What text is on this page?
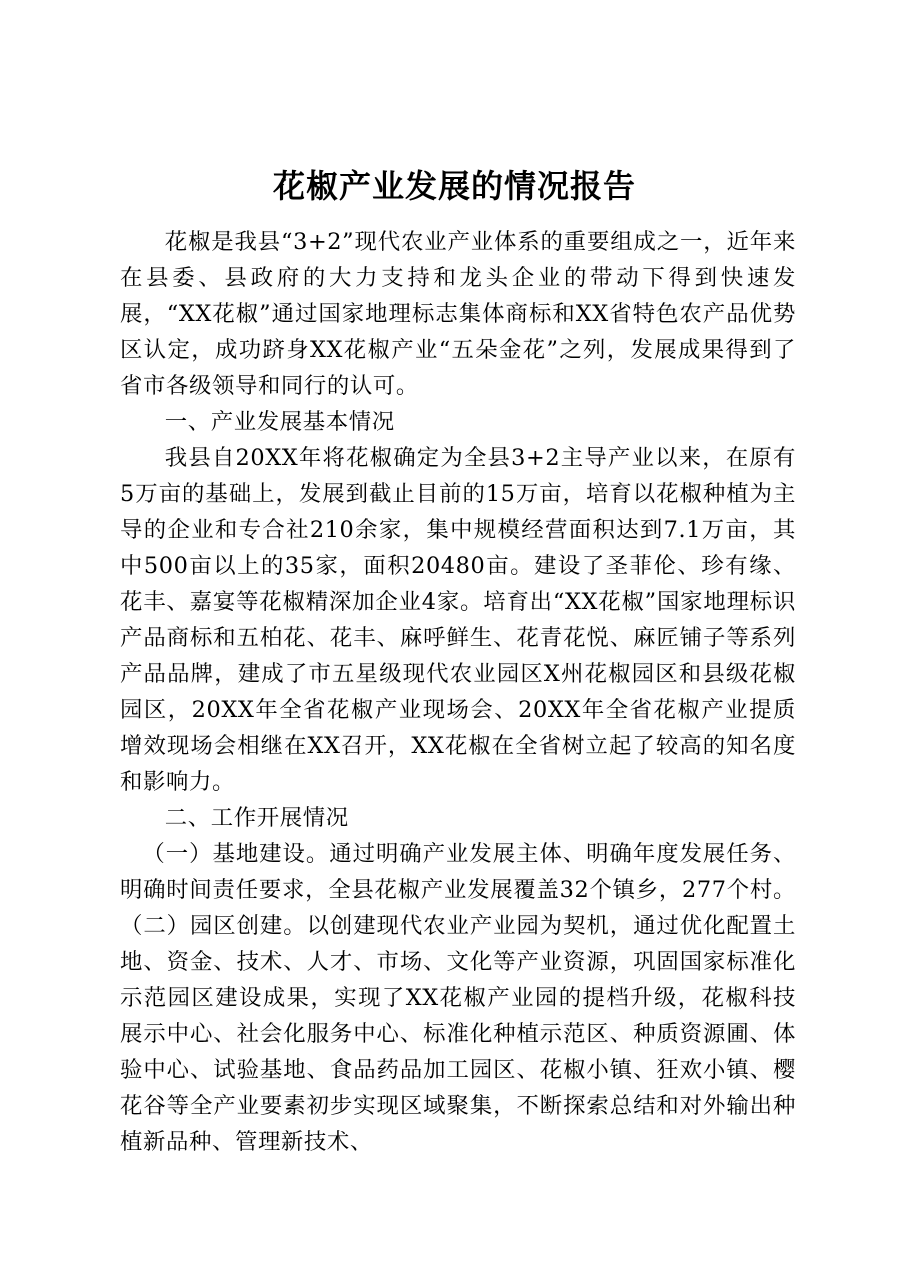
花椒产业发展的情况报告

花椒是我县“3+2”现代农业产业体系的重要组成之一，近年来在县委、县政府的大力支持和龙头企业的带动下得到快速发展，“XX花椒”通过国家地理标志集体商标和XX省特色农产品优势区认定，成功跻身XX花椒产业“五朵金花”之列，发展成果得到了省市各级领导和同行的认可。

一、产业发展基本情况

我县自20XX年将花椒确定为全县3+2主导产业以来，在原有5万亩的基础上，发展到截止目前的15万亩，培育以花椒种植为主导的企业和专合社210余家，集中规模经营面积达到7.1万亩，其中500亩以上的35家，面积20480亩。建设了圣菲伦、珍有缘、花丰、嘉宴等花椒精深加企业4家。培育出“XX花椒”国家地理标识产品商标和五柏花、花丰、麻呼鲜生、花青花悦、麻匠铺子等系列产品品牌，建成了市五星级现代农业园区X州花椒园区和县级花椒园区，20XX年全省花椒产业现场会、20XX年全省花椒产业提质增效现场会相继在XX召开，XX花椒在全省树立起了较高的知名度和影响力。

二、工作开展情况

（一）基地建设。通过明确产业发展主体、明确年度发展任务、明确时间责任要求，全县花椒产业发展覆盖32个镇乡，277个村。（二）园区创建。以创建现代农业产业园为契机，通过优化配置土地、资金、技术、人才、市场、文化等产业资源，巩固国家标准化示范园区建设成果，实现了XX花椒产业园的提档升级，花椒科技展示中心、社会化服务中心、标准化种植示范区、种质资源圃、体验中心、试验基地、食品药品加工园区、花椒小镇、狂欢小镇、樱花谷等全产业要素初步实现区域聚集，不断探索总结和对外输出种植新品种、管理新技术、
